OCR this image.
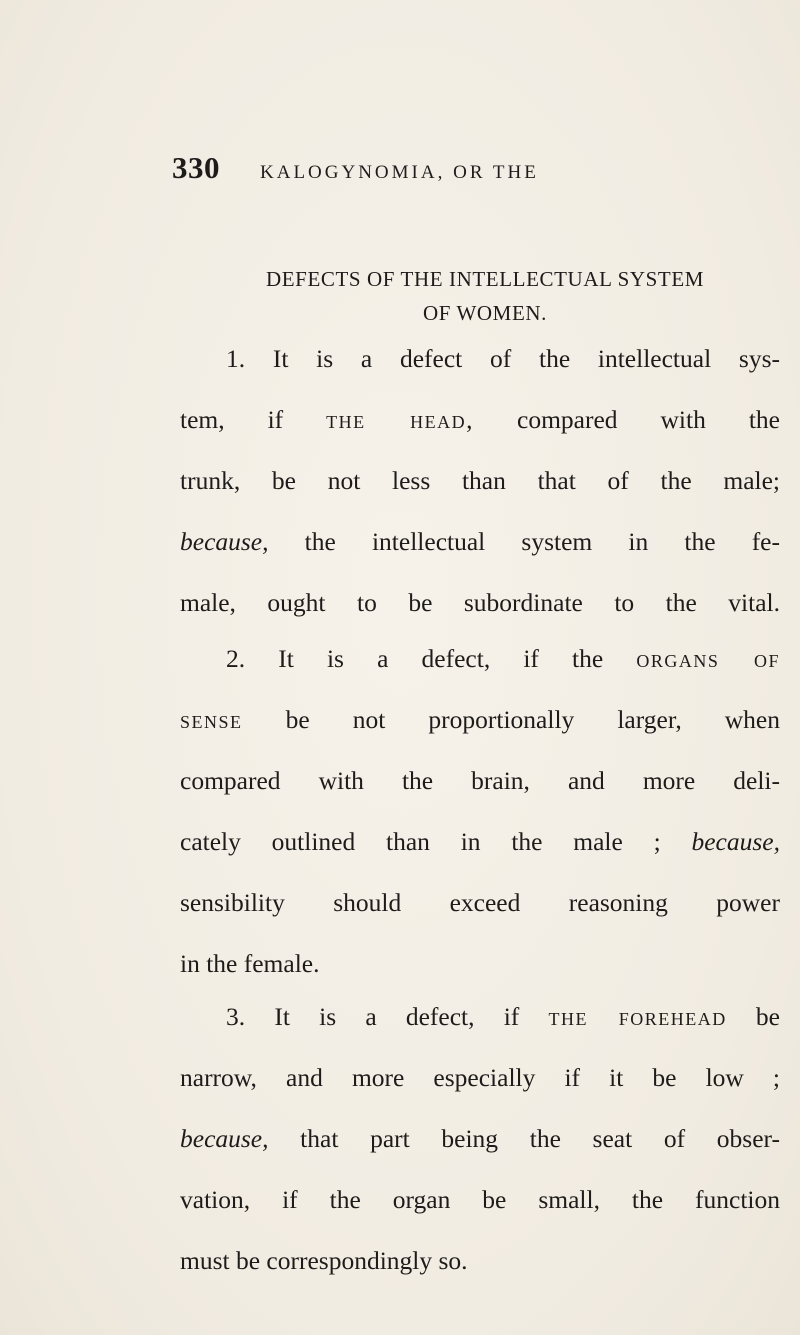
330 KALOGYNOMIA, OR THE
DEFECTS OF THE INTELLECTUAL SYSTEM
OF WOMEN.
1. It is a defect of the intellectual sys-
tem, if the head, compared with the
trunk, be not less than that of the male;
because, the intellectual system in the fe-
male, ought to be subordinate to the vital.
2. It is a defect, if the organs of
sense be not proportionally larger, when
compared with the brain, and more deli-
cately outlined than in the male ; because,
sensibility should exceed reasoning power
in the female.
3. It is a defect, if the forehead be
narrow, and more especially if it be low ;
because, that part being the seat of obser-
vation, if the organ be small, the function
must be correspondingly so.
